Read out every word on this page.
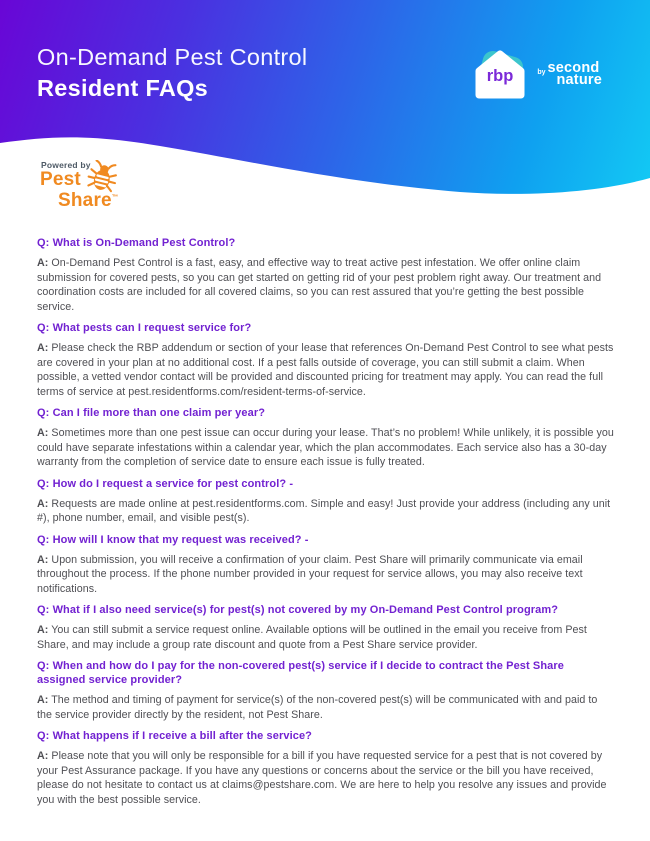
On-Demand Pest Control
Resident FAQs	rbp	by second
nature
Powered by
Pest
Share™
Q: What is On-Demand Pest Control?

A: On-Demand Pest Control is a fast, easy, and effective way to treat active pest infestation. We offer online claim submission for covered pests, so you can get started on getting rid of your pest problem right away. Our treatment and coordination costs are included for all covered claims, so you can rest assured that you’re getting the best possible service.

Q: What pests can I request service for?

A: Please check the RBP addendum or section of your lease that references On-Demand Pest Control to see what pests are covered in your plan at no additional cost. If a pest falls outside of coverage, you can still submit a claim. When possible, a vetted vendor contact will be provided and discounted pricing for treatment may apply. You can read the full terms of service at pest.residentforms.com/resident-terms-of-service.

Q: Can I file more than one claim per year?

A: Sometimes more than one pest issue can occur during your lease. That’s no problem! While unlikely, it is possible you could have separate infestations within a calendar year, which the plan accommodates. Each service also has a 30-day warranty from the completion of service date to ensure each issue is fully treated.

Q: How do I request a service for pest control? -

A: Requests are made online at pest.residentforms.com. Simple and easy! Just provide your address (including any unit #), phone number, email, and visible pest(s).

Q: How will I know that my request was received? -

A: Upon submission, you will receive a confirmation of your claim. Pest Share will primarily communicate via email throughout the process. If the phone number provided in your request for service allows, you may also receive text notifications.

Q: What if I also need service(s) for pest(s) not covered by my On-Demand Pest Control program?

A: You can still submit a service request online. Available options will be outlined in the email you receive from Pest Share, and may include a group rate discount and quote from a Pest Share service provider.

Q: When and how do I pay for the non-covered pest(s) service if I decide to contract the Pest Share assigned service provider?

A: The method and timing of payment for service(s) of the non-covered pest(s) will be communicated with and paid to the service provider directly by the resident, not Pest Share.

Q: What happens if I receive a bill after the service?

A: Please note that you will only be responsible for a bill if you have requested service for a pest that is not covered by your Pest Assurance package. If you have any questions or concerns about the service or the bill you have received, please do not hesitate to contact us at claims@pestshare.com. We are here to help you resolve any issues and provide you with the best possible service.
